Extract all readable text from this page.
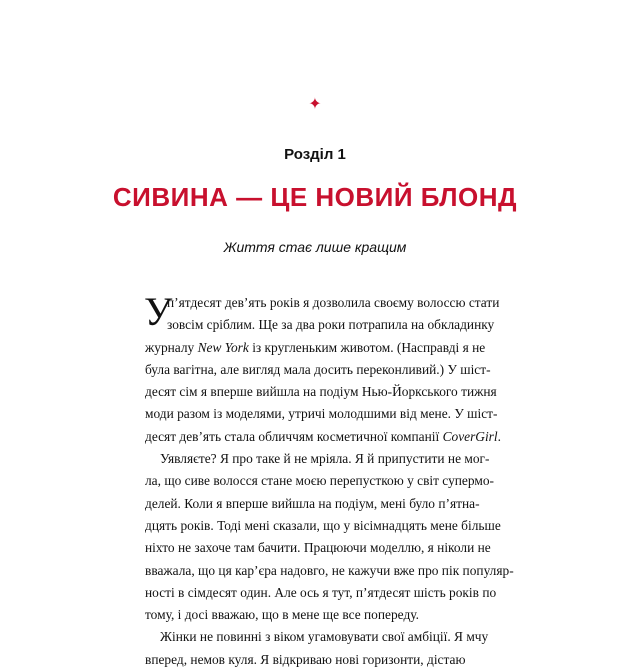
✦
Розділ 1
СИВИНА — ЦЕ НОВИЙ БЛОНД
Життя стає лише кращим
У
п’ятдесят дев’ять років я дозволила своєму волоссю стати
зовсім сріблим. Ще за два роки потрапила на обкладинку
журналу New York із кругленьким животом. (Насправді я не
була вагітна, але вигляд мала досить переконливий.) У шіст-
десят сім я вперше вийшла на подіум Нью-Йоркського тижня
моди разом із моделями, утричі молодшими від мене. У шіст-
десят дев’ять стала обличчям косметичної компанії CoverGirl.
Уявляєте? Я про таке й не мріяла. Я й припустити не мог-
ла, що сиве волосся стане моєю перепусткою у світ супермо-
делей. Коли я вперше вийшла на подіум, мені було п’ятна-
дцять років. Тоді мені сказали, що у вісімнадцять мене більше
ніхто не захоче там бачити. Працюючи моделлю, я ніколи не
вважала, що ця кар’єра надовго, не кажучи вже про пік популяр-
ності в сімдесят один. Але ось я тут, п’ятдесят шість років по
тому, і досі вважаю, що в мене ще все попереду.
Жінки не повинні з віком угамовувати свої амбіції. Я мчу
вперед, немов куля. Я відкриваю нові горизонти, дістаю
